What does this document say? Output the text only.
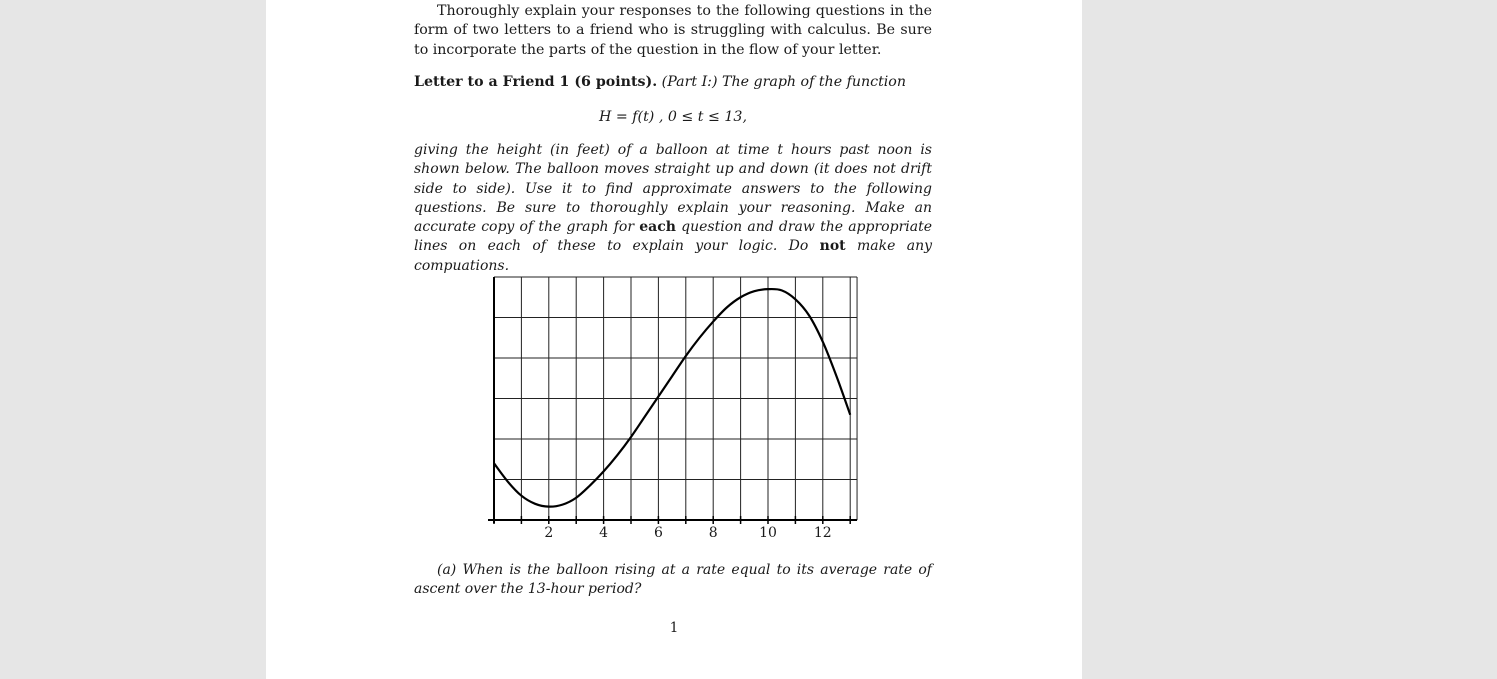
Thoroughly explain your responses to the following questions in the form of two letters to a friend who is struggling with calculus. Be sure to incorporate the parts of the question in the flow of your letter.

Letter to a Friend 1 (6 points). (Part I:) The graph of the function
H = f(t) , 0 ≤ t ≤ 13,

giving the height (in feet) of a balloon at time t hours past noon is shown below. The balloon moves straight up and down (it does not drift side to side). Use it to find approximate answers to the following questions. Be sure to thoroughly explain your reasoning. Make an accurate copy of the graph for each question and draw the appropriate lines on each of these to explain your logic. Do not make any compuations.

2	4	6	8	10	12

(a) When is the balloon rising at a rate equal to its average rate of ascent over the 13-hour period?

1
